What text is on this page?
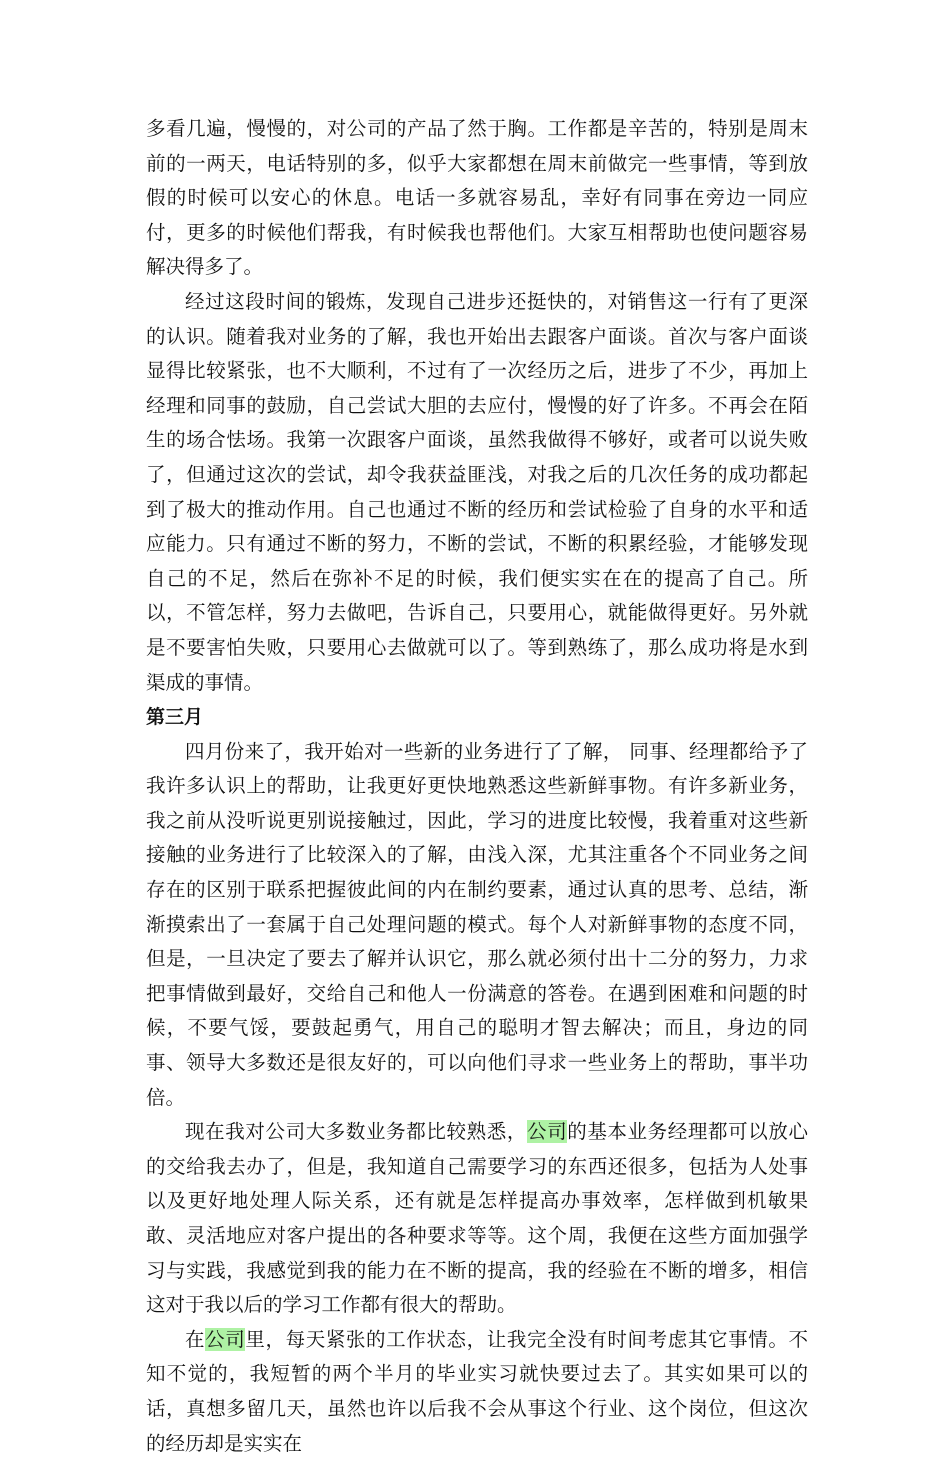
多看几遍，慢慢的，对公司的产品了然于胸。工作都是辛苦的，特别是周末前的一两天，电话特别的多，似乎大家都想在周末前做完一些事情，等到放假的时候可以安心的休息。电话一多就容易乱，幸好有同事在旁边一同应付，更多的时候他们帮我，有时候我也帮他们。大家互相帮助也使问题容易解决得多了。

经过这段时间的锻炼，发现自己进步还挺快的，对销售这一行有了更深的认识。随着我对业务的了解，我也开始出去跟客户面谈。首次与客户面谈显得比较紧张，也不大顺利，不过有了一次经历之后，进步了不少，再加上经理和同事的鼓励，自己尝试大胆的去应付，慢慢的好了许多。不再会在陌生的场合怯场。我第一次跟客户面谈，虽然我做得不够好，或者可以说失败了，但通过这次的尝试，却令我获益匪浅，对我之后的几次任务的成功都起到了极大的推动作用。自己也通过不断的经历和尝试检验了自身的水平和适应能力。只有通过不断的努力，不断的尝试，不断的积累经验，才能够发现自己的不足，然后在弥补不足的时候，我们便实实在在的提高了自己。所以，不管怎样，努力去做吧，告诉自己，只要用心，就能做得更好。另外就是不要害怕失败，只要用心去做就可以了。等到熟练了，那么成功将是水到渠成的事情。

第三月

四月份来了，我开始对一些新的业务进行了了解， 同事、经理都给予了我许多认识上的帮助，让我更好更快地熟悉这些新鲜事物。有许多新业务，我之前从没听说更别说接触过，因此，学习的进度比较慢，我着重对这些新接触的业务进行了比较深入的了解，由浅入深，尤其注重各个不同业务之间存在的区别于联系把握彼此间的内在制约要素，通过认真的思考、总结，渐渐摸索出了一套属于自己处理问题的模式。每个人对新鲜事物的态度不同，但是，一旦决定了要去了解并认识它，那么就必须付出十二分的努力，力求把事情做到最好，交给自己和他人一份满意的答卷。在遇到困难和问题的时候，不要气馁，要鼓起勇气，用自己的聪明才智去解决；而且，身边的同事、领导大多数还是很友好的，可以向他们寻求一些业务上的帮助，事半功倍。

现在我对公司大多数业务都比较熟悉，公司的基本业务经理都可以放心的交给我去办了，但是，我知道自己需要学习的东西还很多，包括为人处事以及更好地处理人际关系，还有就是怎样提高办事效率，怎样做到机敏果敢、灵活地应对客户提出的各种要求等等。这个周，我便在这些方面加强学习与实践，我感觉到我的能力在不断的提高，我的经验在不断的增多，相信这对于我以后的学习工作都有很大的帮助。

在公司里，每天紧张的工作状态，让我完全没有时间考虑其它事情。不知不觉的，我短暂的两个半月的毕业实习就快要过去了。其实如果可以的话，真想多留几天，虽然也许以后我不会从事这个行业、这个岗位，但这次的经历却是实实在
